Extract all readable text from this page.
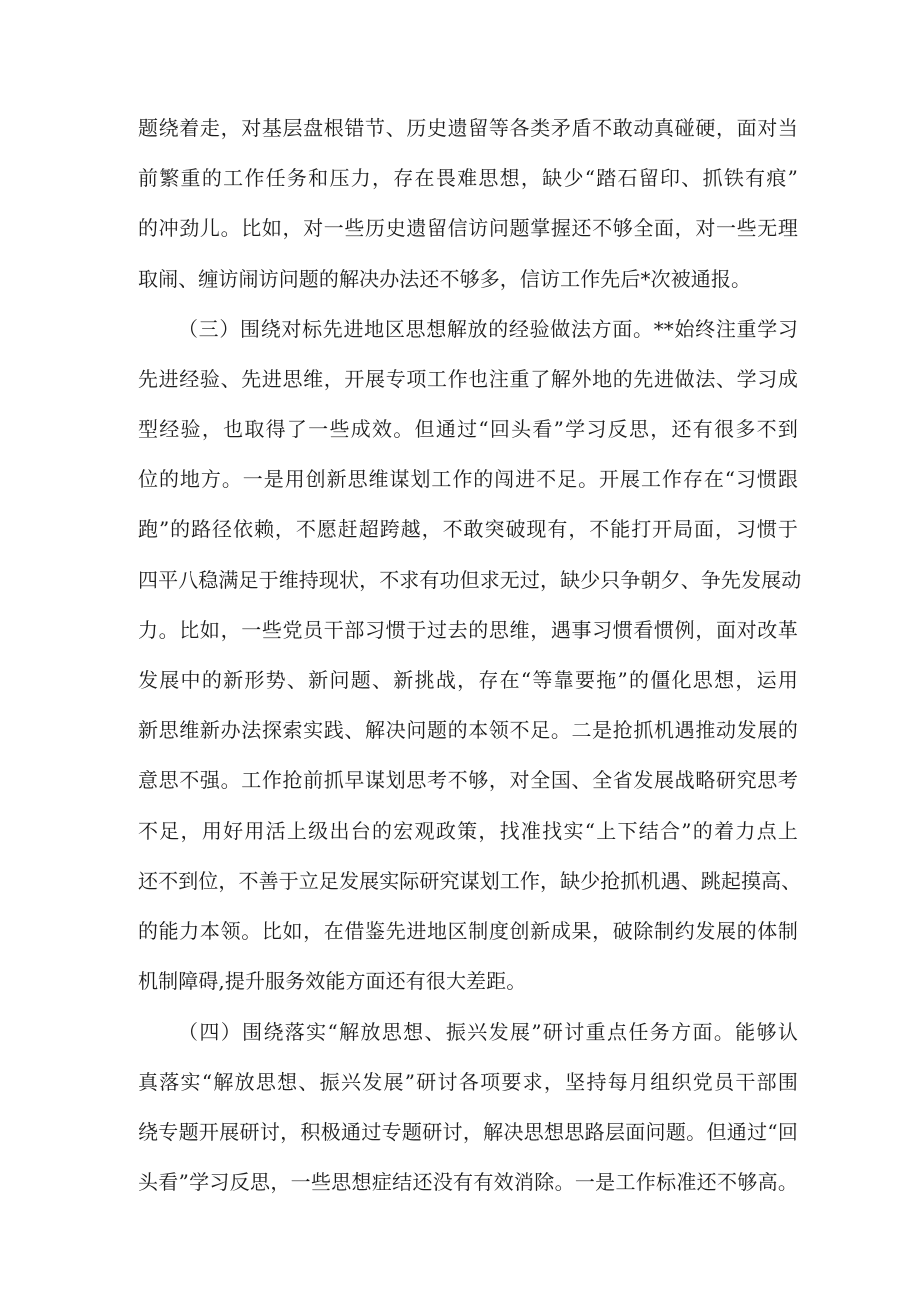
题绕着走，对基层盘根错节、历史遗留等各类矛盾不敢动真碰硬，面对当
前繁重的工作任务和压力，存在畏难思想，缺少“踏石留印、抓铁有痕”
的冲劲儿。比如，对一些历史遗留信访问题掌握还不够全面，对一些无理
取闹、缠访闹访问题的解决办法还不够多，信访工作先后*次被通报。
（三）围绕对标先进地区思想解放的经验做法方面。**始终注重学习
先进经验、先进思维，开展专项工作也注重了解外地的先进做法、学习成
型经验，也取得了一些成效。但通过“回头看”学习反思，还有很多不到
位的地方。一是用创新思维谋划工作的闯进不足。开展工作存在“习惯跟
跑”的路径依赖，不愿赶超跨越，不敢突破现有，不能打开局面，习惯于
四平八稳满足于维持现状，不求有功但求无过，缺少只争朝夕、争先发展动
力。比如，一些党员干部习惯于过去的思维，遇事习惯看惯例，面对改革
发展中的新形势、新问题、新挑战，存在“等靠要拖”的僵化思想，运用
新思维新办法探索实践、解决问题的本领不足。二是抢抓机遇推动发展的
意思不强。工作抢前抓早谋划思考不够，对全国、全省发展战略研究思考
不足，用好用活上级出台的宏观政策，找准找实“上下结合”的着力点上
还不到位，不善于立足发展实际研究谋划工作，缺少抢抓机遇、跳起摸高、
的能力本领。比如，在借鉴先进地区制度创新成果，破除制约发展的体制
机制障碍,提升服务效能方面还有很大差距。
（四）围绕落实“解放思想、振兴发展”研讨重点任务方面。能够认
真落实“解放思想、振兴发展”研讨各项要求，坚持每月组织党员干部围
绕专题开展研讨，积极通过专题研讨，解决思想思路层面问题。但通过“回
头看”学习反思，一些思想症结还没有有效消除。一是工作标准还不够高。
